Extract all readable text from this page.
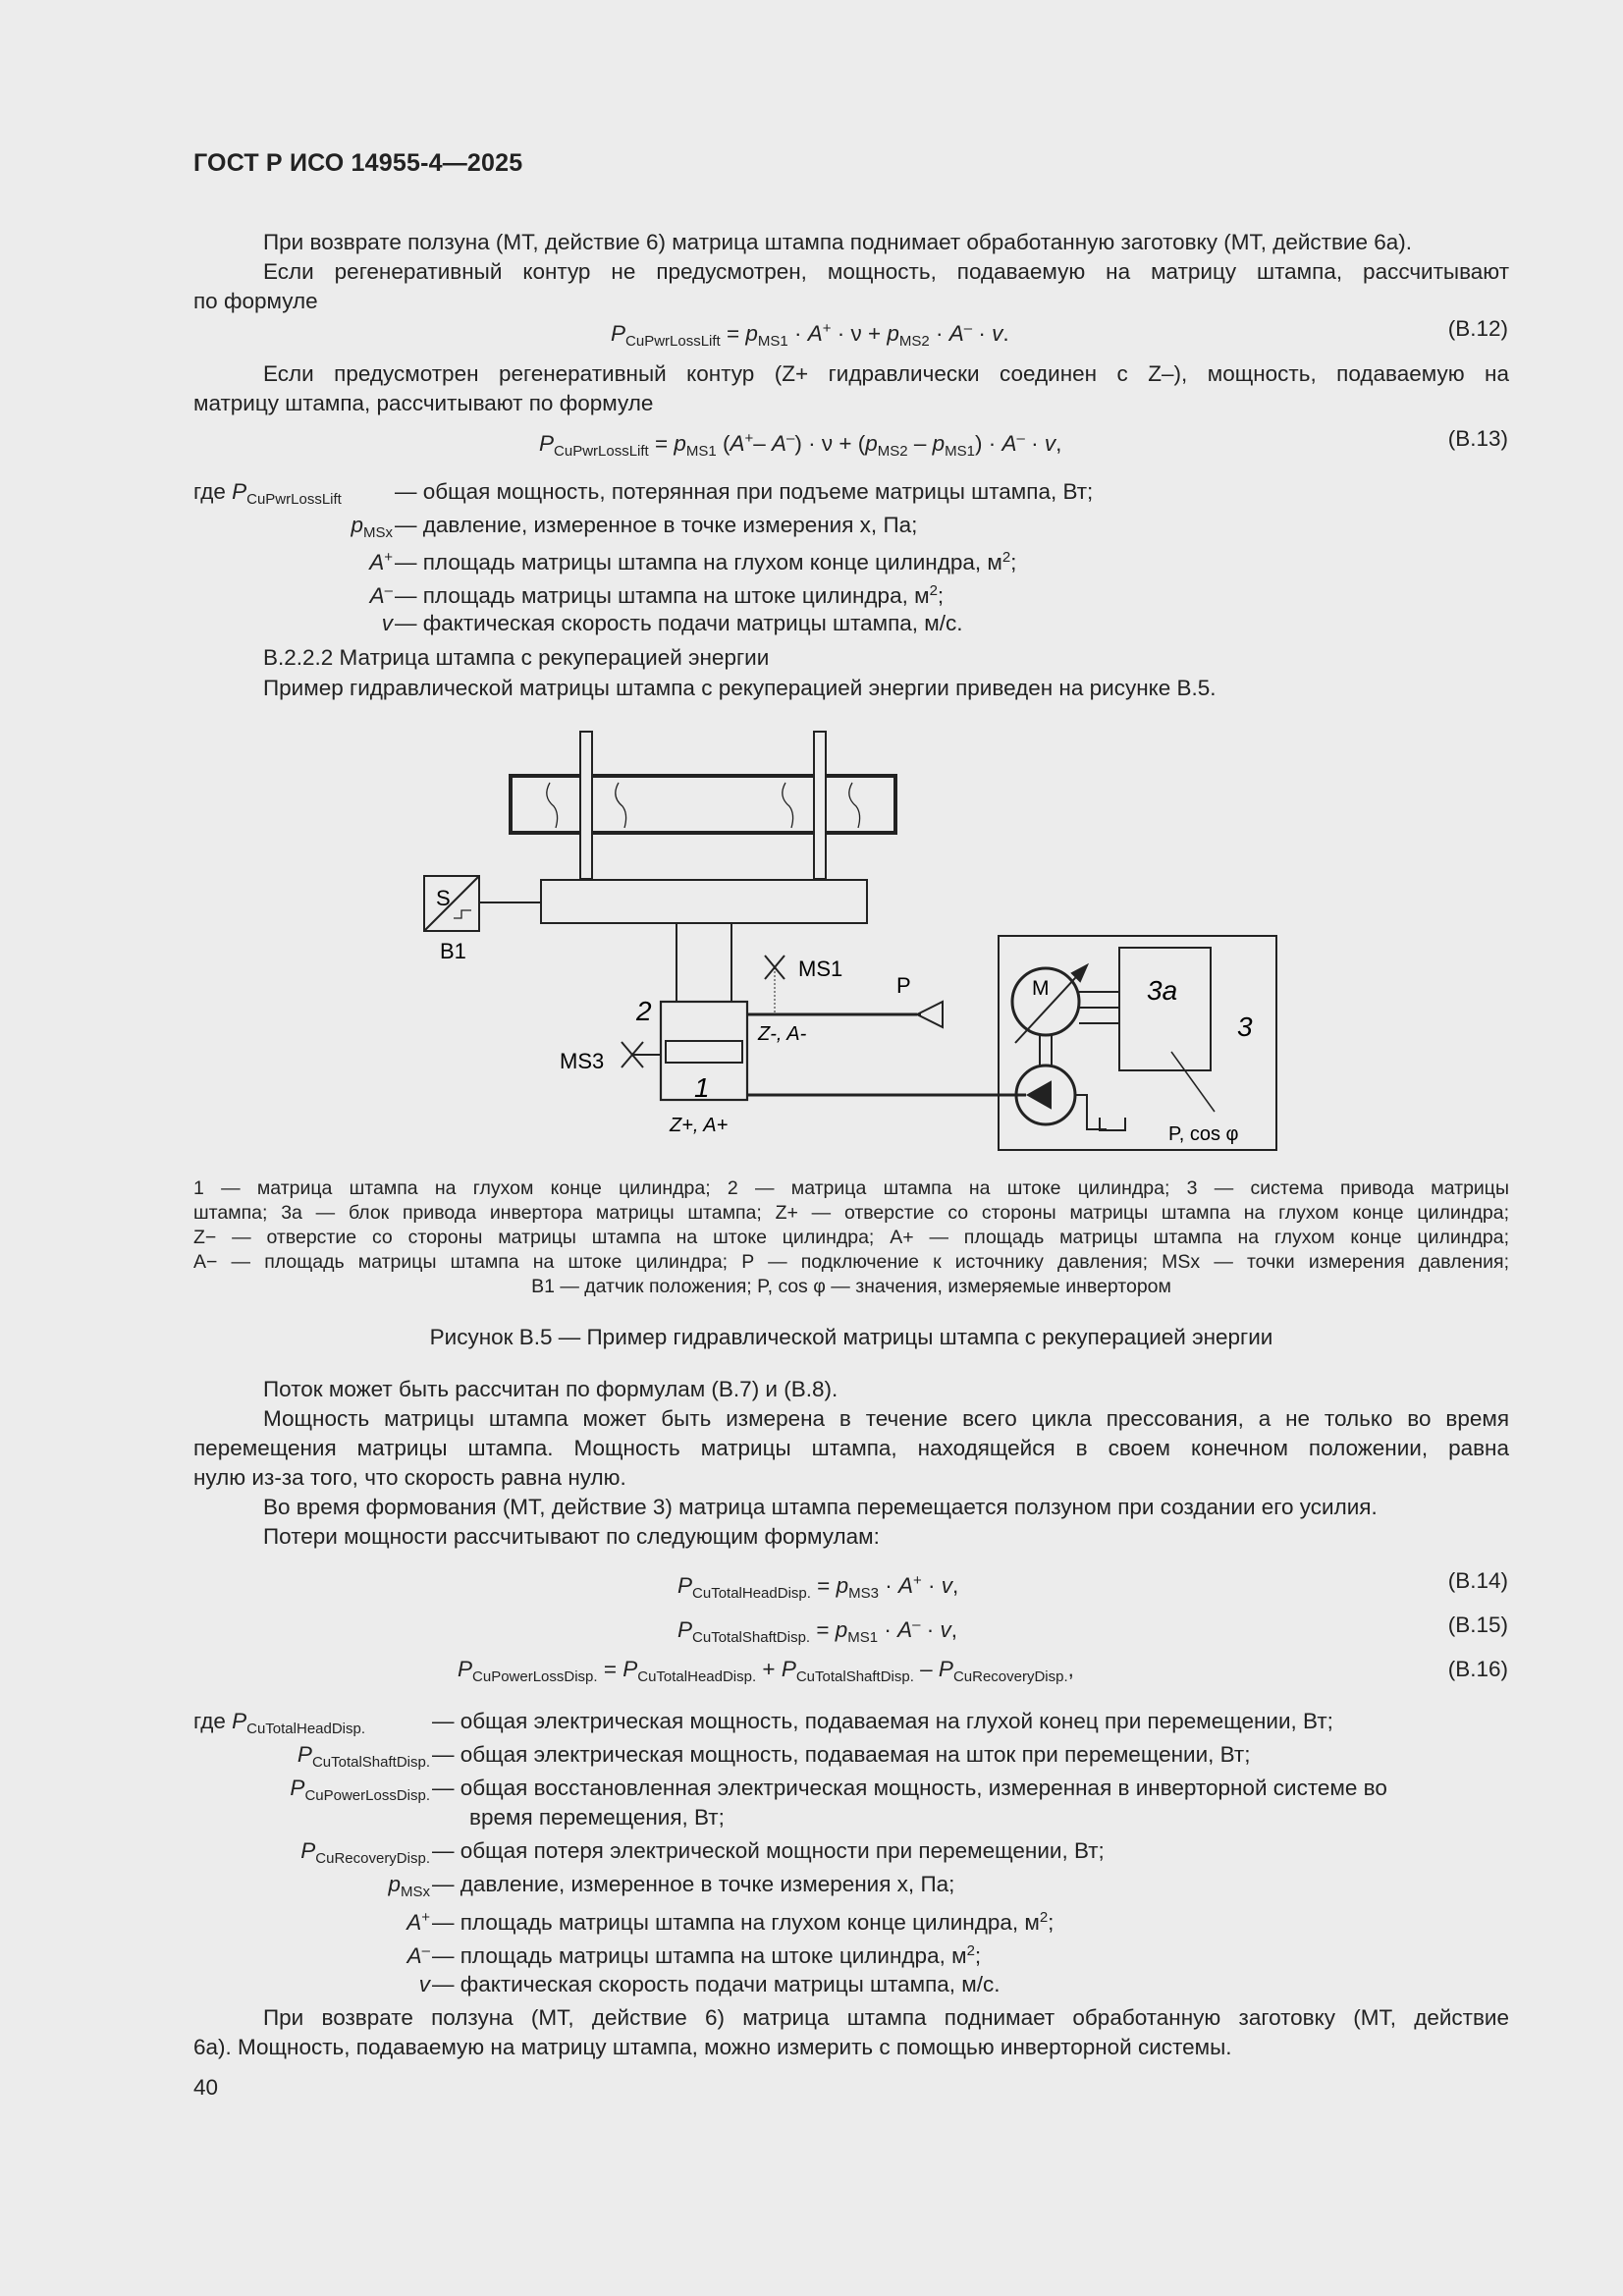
ГОСТ Р ИСО 14955-4—2025
При возврате ползуна (МТ, действие 6) матрица штампа поднимает обработанную заготовку (МТ, действие 6а).
Если регенеративный контур не предусмотрен, мощность, подаваемую на матрицу штампа, рассчитывают
по формуле
$P_{CuPwrLossLift} = p_{MS1} \cdot A^+ \cdot \nu + p_{MS2} \cdot A^- \cdot v$.	(B.12)
Если предусмотрен регенеративный контур (Z+ гидравлически соединен с Z–), мощность, подаваемую на
матрицу штампа, рассчитывают по формуле
$P_{CuPwrLossLift} = p_{MS1}$ (A+– $A^-) \cdot \nu + (p_{MS2} - p_{MS1}) \cdot A^- \cdot v$,	(B.13)
где $P_{CuPwrLossLift}$ — общая мощность, потерянная при подъеме матрицы штампа, Вт;
$p_{MSx}$ — давление, измеренное в точке измерения x, Па;
A+ — площадь матрицы штампа на глухом конце цилиндра, $м^2$;
A– — площадь матрицы штампа на штоке цилиндра, $м^2$;
v — фактическая скорость подачи матрицы штампа, м/с.
B.2.2.2 Матрица штампа с рекуперацией энергии
Пример гидравлической матрицы штампа с рекуперацией энергии приведен на рисунке B.5.
S
B1
MS1
MS3
P
2
1
Z-, A-
Z+, A+
M	3a
3
P, cos φ
1 — матрица штампа на глухом конце цилиндра; 2 — матрица штампа на штоке цилиндра; 3 — система привода матрицы
штампа; 3a — блок привода инвертора матрицы штампа; Z+ — отверстие со стороны матрицы штампа на глухом конце цилиндра;
Z− — отверстие со стороны матрицы штампа на штоке цилиндра; A+ — площадь матрицы штампа на глухом конце цилиндра;
A− — площадь матрицы штампа на штоке цилиндра; P — подключение к источнику давления; MSx — точки измерения давления;
B1 — датчик положения; P, cos φ — значения, измеряемые инвертором
Рисунок B.5 — Пример гидравлической матрицы штампа с рекуперацией энергии
Поток может быть рассчитан по формулам (B.7) и (B.8).
Мощность матрицы штампа может быть измерена в течение всего цикла прессования, а не только во время
перемещения матрицы штампа. Мощность матрицы штампа, находящейся в своем конечном положении, равна
нулю из-за того, что скорость равна нулю.
Во время формования (МТ, действие 3) матрица штампа перемещается ползуном при создании его усилия.
Потери мощности рассчитывают по следующим формулам:
$P_{CuTotalHeadDisp.} = p_{MS3} \cdot A^+ \cdot v$,	(B.14)
$P_{CuTotalShaftDisp.} = p_{MS1} \cdot A^- \cdot v$,	(B.15)
$P_{CuPowerLossDisp.} = P_{CuTotalHeadDisp.} + P_{CuTotalShaftDisp.} - P_{CuRecoveryDisp.}$,	(B.16)
где $P_{CuTotalHeadDisp.}$	— общая электрическая мощность, подаваемая на глухой конец при перемещении, Вт;
$P_{CuTotalShaftDisp.}$ — общая электрическая мощность, подаваемая на шток при перемещении, Вт;
$P_{CuPowerLossDisp.}$ — общая восстановленная электрическая мощность, измеренная в инверторной системе во
время перемещения, Вт;
$P_{CuRecoveryDisp.}$ — общая потеря электрической мощности при перемещении, Вт;
$p_{MSx}$ — давление, измеренное в точке измерения x, Па;
A+ — площадь матрицы штампа на глухом конце цилиндра, $м^2$;
A– — площадь матрицы штампа на штоке цилиндра, $м^2$;
v — фактическая скорость подачи матрицы штампа, м/с.
При возврате ползуна (МТ, действие 6) матрица штампа поднимает обработанную заготовку (МТ, действие
6а). Мощность, подаваемую на матрицу штампа, можно измерить с помощью инверторной системы.
40
